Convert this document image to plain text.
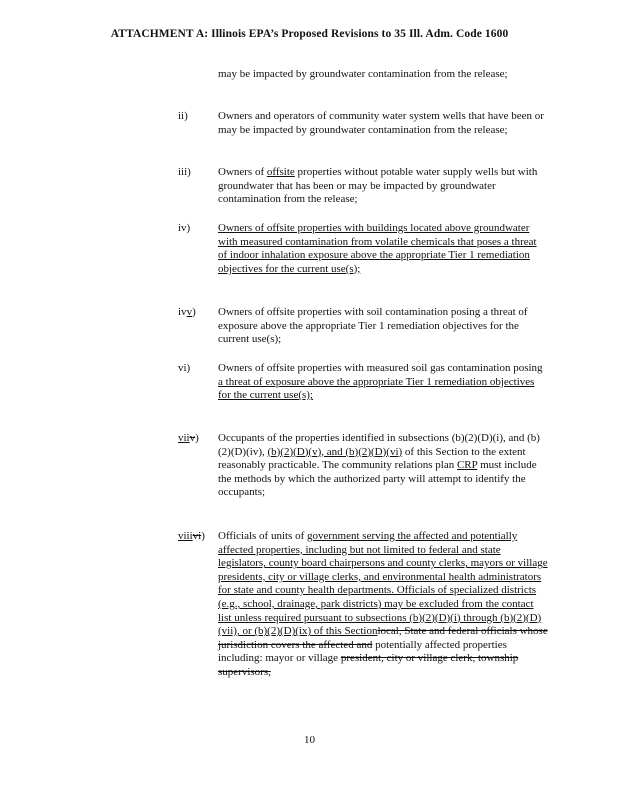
ATTACHMENT A: Illinois EPA’s Proposed Revisions to 35 Ill. Adm. Code 1600
may be impacted by groundwater contamination from the release;
ii)	Owners and operators of community water system wells that have been or may be impacted by groundwater contamination from the release;
iii)	Owners of offsite properties without potable water supply wells but with groundwater that has been or may be impacted by groundwater contamination from the release;
iv)	Owners of offsite properties with buildings located above groundwater with measured contamination from volatile chemicals that poses a threat of indoor inhalation exposure above the appropriate Tier 1 remediation objectives for the current use(s);
ivv)	Owners of offsite properties with soil contamination posing a threat of exposure above the appropriate Tier 1 remediation objectives for the current use(s);
vi)	Owners of offsite properties with measured soil gas contamination posing a threat of exposure above the appropriate Tier 1 remediation objectives for the current use(s);
viiv)	Occupants of the properties identified in subsections (b)(2)(D)(i), and (b)(2)(D)(iv), (b)(2)(D)(v), and (b)(2)(D)(vi) of this Section to the extent reasonably practicable. The community relations plan CRP must include the methods by which the authorized party will attempt to identify the occupants;
viiivi)	Officials of units of government serving the affected and potentially affected properties, including but not limited to federal and state legislators, county board chairpersons and county clerks, mayors or village presidents, city or village clerks, and environmental health administrators for state and county health departments. Officials of specialized districts (e.g., school, drainage, park districts) may be excluded from the contact list unless required pursuant to subsections (b)(2)(D)(i) through (b)(2)(D)(vii), or (b)(2)(D)(ix) of this Sectionlocal, State and federal officials whose jurisdiction covers the affected and potentially affected properties including: mayor or village president, city or village clerk, township supervisors,
10
